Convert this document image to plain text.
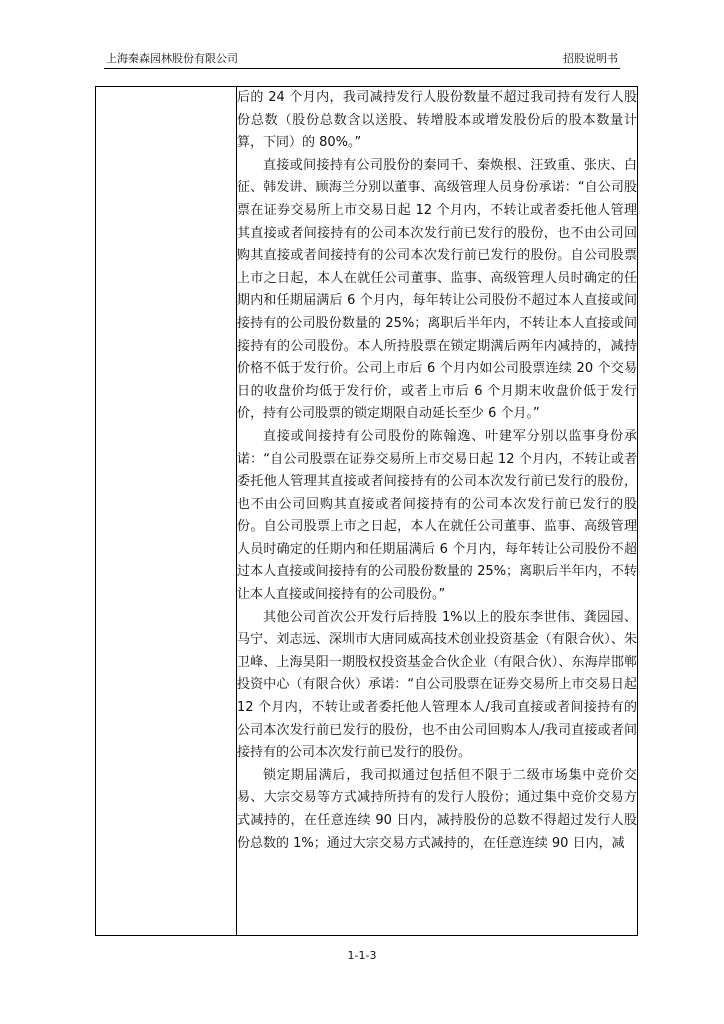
上海秦森园林股份有限公司	招股说明书

后的 24 个月内，我司减持发行人股份数量不超过我司持有发行人股份总数（股份总数含以送股、转增股本或增发股份后的股本数量计算，下同）的 80%。”

直接或间接持有公司股份的秦同千、秦焕根、汪致重、张庆、白征、韩发讲、顾海兰分别以董事、高级管理人员身份承诺：“自公司股票在证券交易所上市交易日起 12 个月内，不转让或者委托他人管理其直接或者间接持有的公司本次发行前已发行的股份，也不由公司回购其直接或者间接持有的公司本次发行前已发行的股份。自公司股票上市之日起，本人在就任公司董事、监事、高级管理人员时确定的任期内和任期届满后 6 个月内，每年转让公司股份不超过本人直接或间接持有的公司股份数量的 25%；离职后半年内，不转让本人直接或间接持有的公司股份。本人所持股票在锁定期满后两年内减持的，减持价格不低于发行价。公司上市后 6 个月内如公司股票连续 20 个交易日的收盘价均低于发行价，或者上市后 6 个月期末收盘价低于发行价，持有公司股票的锁定期限自动延长至少 6 个月。”

直接或间接持有公司股份的陈翰逸、叶建军分别以监事身份承诺：“自公司股票在证券交易所上市交易日起 12 个月内，不转让或者委托他人管理其直接或者间接持有的公司本次发行前已发行的股份，也不由公司回购其直接或者间接持有的公司本次发行前已发行的股份。自公司股票上市之日起，本人在就任公司董事、监事、高级管理人员时确定的任期内和任期届满后 6 个月内，每年转让公司股份不超过本人直接或间接持有的公司股份数量的 25%；离职后半年内，不转让本人直接或间接持有的公司股份。”

其他公司首次公开发行后持股 1%以上的股东李世伟、龚园园、马宁、刘志远、深圳市大唐同威高技术创业投资基金（有限合伙）、朱卫峰、上海昊阳一期股权投资基金合伙企业（有限合伙）、东海岸邯郸投资中心（有限合伙）承诺：“自公司股票在证券交易所上市交易日起 12 个月内，不转让或者委托他人管理本人/我司直接或者间接持有的公司本次发行前已发行的股份，也不由公司回购本人/我司直接或者间接持有的公司本次发行前已发行的股份。

锁定期届满后，我司拟通过包括但不限于二级市场集中竞价交易、大宗交易等方式减持所持有的发行人股份；通过集中竞价交易方式减持的，在任意连续 90 日内，减持股份的总数不得超过发行人股份总数的 1%；通过大宗交易方式减持的，在任意连续 90 日内，减

1-1-3
